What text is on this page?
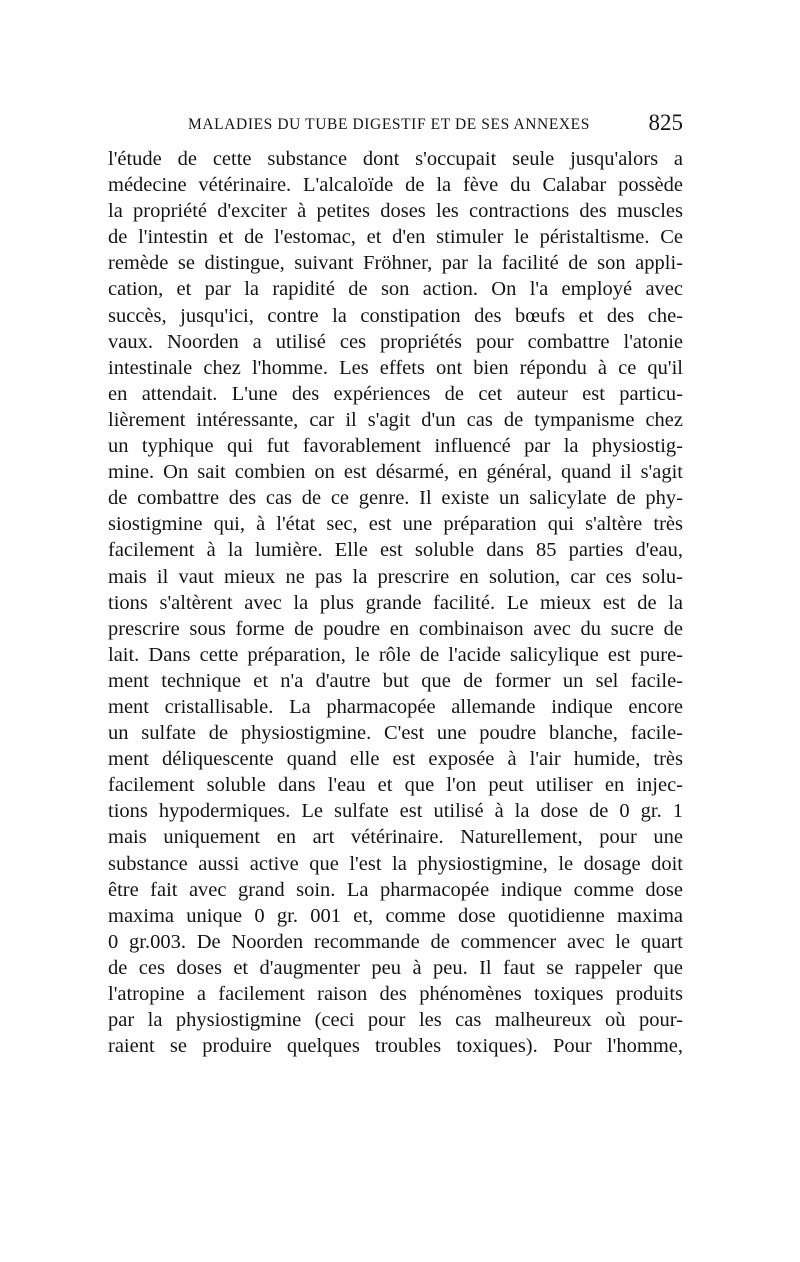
MALADIES DU TUBE DIGESTIF ET DE SES ANNEXES	825
l'étude de cette substance dont s'occupait seule jusqu'alors a
médecine vétérinaire. L'alcaloïde de la fève du Calabar possède
la propriété d'exciter à petites doses les contractions des muscles
de l'intestin et de l'estomac, et d'en stimuler le péristaltisme. Ce
remède se distingue, suivant Fröhner, par la facilité de son appli-
cation, et par la rapidité de son action. On l'a employé avec
succès, jusqu'ici, contre la constipation des bœufs et des che-
vaux. Noorden a utilisé ces propriétés pour combattre l'atonie
intestinale chez l'homme. Les effets ont bien répondu à ce qu'il
en attendait. L'une des expériences de cet auteur est particu-
lièrement intéressante, car il s'agit d'un cas de tympanisme chez
un typhique qui fut favorablement influencé par la physiostig-
mine. On sait combien on est désarmé, en général, quand il s'agit
de combattre des cas de ce genre. Il existe un salicylate de phy-
siostigmine qui, à l'état sec, est une préparation qui s'altère très
facilement à la lumière. Elle est soluble dans 85 parties d'eau,
mais il vaut mieux ne pas la prescrire en solution, car ces solu-
tions s'altèrent avec la plus grande facilité. Le mieux est de la
prescrire sous forme de poudre en combinaison avec du sucre de
lait. Dans cette préparation, le rôle de l'acide salicylique est pure-
ment technique et n'a d'autre but que de former un sel facile-
ment cristallisable. La pharmacopée allemande indique encore
un sulfate de physiostigmine. C'est une poudre blanche, facile-
ment déliquescente quand elle est exposée à l'air humide, très
facilement soluble dans l'eau et que l'on peut utiliser en injec-
tions hypodermiques. Le sulfate est utilisé à la dose de 0 gr. 1
mais uniquement en art vétérinaire. Naturellement, pour une
substance aussi active que l'est la physiostigmine, le dosage doit
être fait avec grand soin. La pharmacopée indique comme dose
maxima unique 0 gr. 001 et, comme dose quotidienne maxima
0 gr.003. De Noorden recommande de commencer avec le quart
de ces doses et d'augmenter peu à peu. Il faut se rappeler que
l'atropine a facilement raison des phénomènes toxiques produits
par la physiostigmine (ceci pour les cas malheureux où pour-
raient se produire quelques troubles toxiques). Pour l'homme,
